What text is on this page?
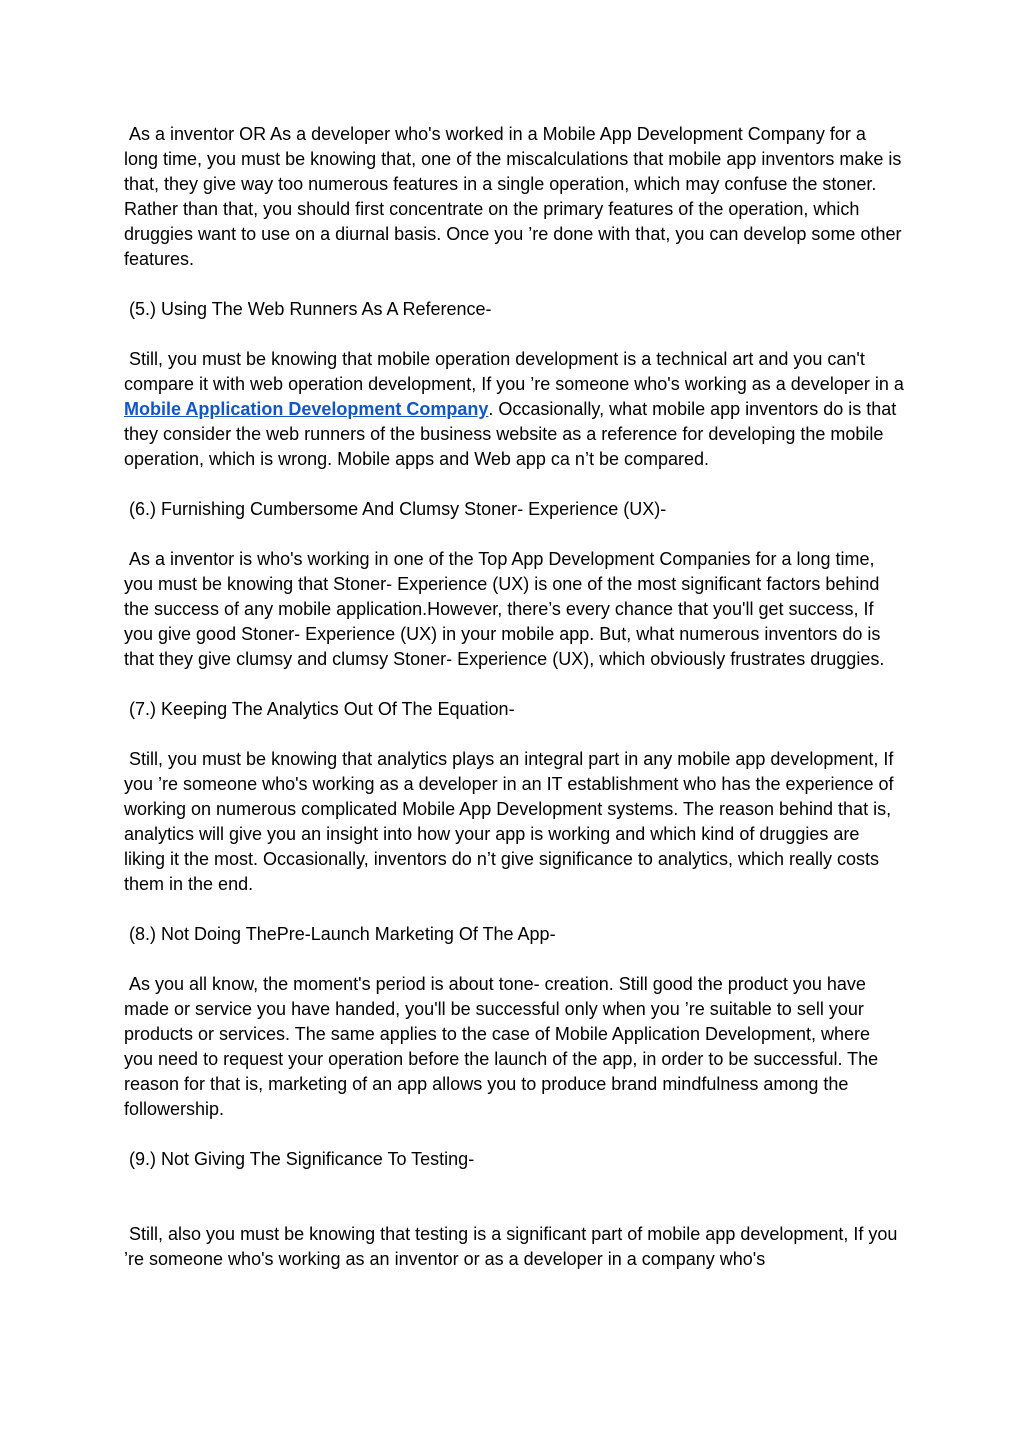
As a inventor OR As a developer who's worked in a Mobile App Development Company for a long time, you must be knowing that, one of the miscalculations that mobile app inventors make is that, they give way too numerous features in a single operation, which may confuse the stoner. Rather than that, you should first concentrate on the primary features of the operation, which druggies want to use on a diurnal basis. Once you ’re done with that, you can develop some other features.

(5.) Using The Web Runners As A Reference-

Still, you must be knowing that mobile operation development is a technical art and you can't compare it with web operation development, If you ’re someone who's working as a developer in a Mobile Application Development Company. Occasionally, what mobile app inventors do is that they consider the web runners of the business website as a reference for developing the mobile operation, which is wrong. Mobile apps and Web app ca n’t be compared.

(6.) Furnishing Cumbersome And Clumsy Stoner- Experience (UX)-

As a inventor is who's working in one of the Top App Development Companies for a long time, you must be knowing that Stoner- Experience (UX) is one of the most significant factors behind the success of any mobile application.However, there’s every chance that you'll get success, If you give good Stoner- Experience (UX) in your mobile app. But, what numerous inventors do is that they give clumsy and clumsy Stoner- Experience (UX), which obviously frustrates druggies.

(7.) Keeping The Analytics Out Of The Equation-

Still, you must be knowing that analytics plays an integral part in any mobile app development, If you ’re someone who's working as a developer in an IT establishment who has the experience of working on numerous complicated Mobile App Development systems. The reason behind that is, analytics will give you an insight into how your app is working and which kind of druggies are liking it the most. Occasionally, inventors do n’t give significance to analytics, which really costs them in the end.

(8.) Not Doing ThePre-Launch Marketing Of The App-

As you all know, the moment's period is about tone- creation. Still good the product you have made or service you have handed, you'll be successful only when you ’re suitable to sell your products or services. The same applies to the case of Mobile Application Development, where you need to request your operation before the launch of the app, in order to be successful. The reason for that is, marketing of an app allows you to produce brand mindfulness among the followership.

(9.) Not Giving The Significance To Testing-

Still, also you must be knowing that testing is a significant part of mobile app development, If you ’re someone who's working as an inventor or as a developer in a company who's
